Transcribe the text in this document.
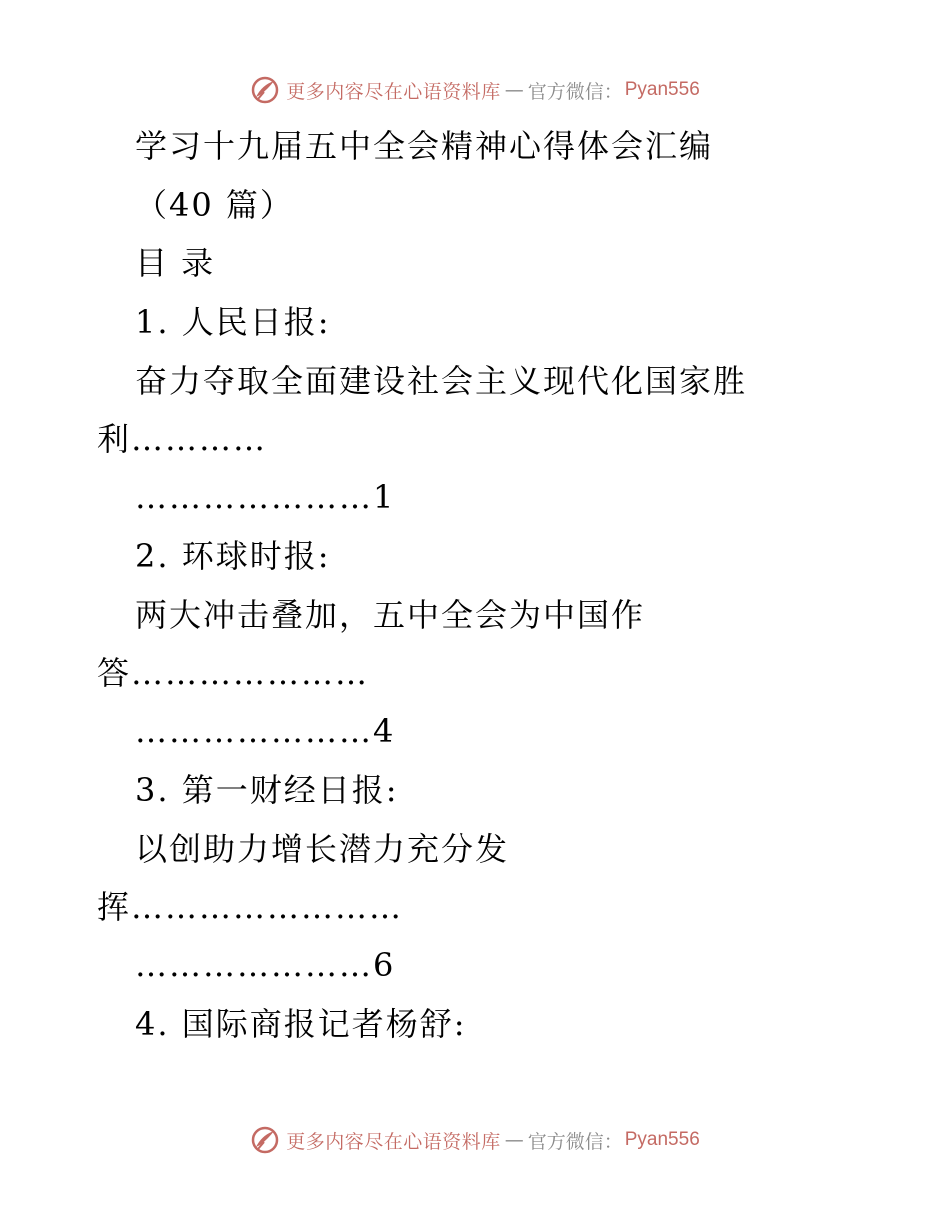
更多内容尽在心语资料库 — 官方微信： Pyan556
学习十九届五中全会精神心得体会汇编
（40 篇）
目 录
1. 人民日报:
奋力夺取全面建设社会主义现代化国家胜
利…………
…………………1
2. 环球时报:
两大冲击叠加，五中全会为中国作
答…………………
…………………4
3. 第一财经日报:
以创助力增长潜力充分发
挥……………………
…………………6
4. 国际商报记者杨舒:
更多内容尽在心语资料库 — 官方微信： Pyan556
